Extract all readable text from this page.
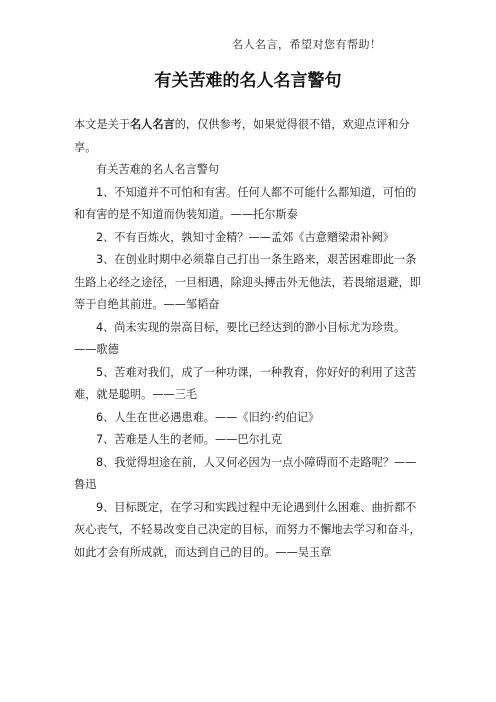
名人名言，希望对您有帮助！
有关苦难的名人名言警句

本文是关于名人名言的，仅供参考，如果觉得很不错，欢迎点评和分享。

有关苦难的名人名言警句

1、不知道并不可怕和有害。任何人都不可能什么都知道，可怕的和有害的是不知道而伪装知道。——托尔斯泰

2、不有百炼火，孰知寸金精？——孟郊《古意赠梁肃补阙》

3、在创业时期中必须靠自己打出一条生路来，艰苦困难即此一条生路上必经之途径，一旦相遇，除迎头搏击外无他法，若畏缩退避，即等于自绝其前进。——邹韬奋

4、尚未实现的崇高目标，要比已经达到的渺小目标尤为珍贵。——歌德

5、苦难对我们，成了一种功课，一种教育，你好好的利用了这苦难，就是聪明。——三毛

6、人生在世必遇患难。——《旧约·约伯记》

7、苦难是人生的老师。——巴尔扎克

8、我觉得坦途在前，人又何必因为一点小障碍而不走路呢？——鲁迅

9、目标既定，在学习和实践过程中无论遇到什么困难、曲折都不灰心丧气，不轻易改变自己决定的目标，而努力不懈地去学习和奋斗，如此才会有所成就，而达到自己的目的。——吴玉章
